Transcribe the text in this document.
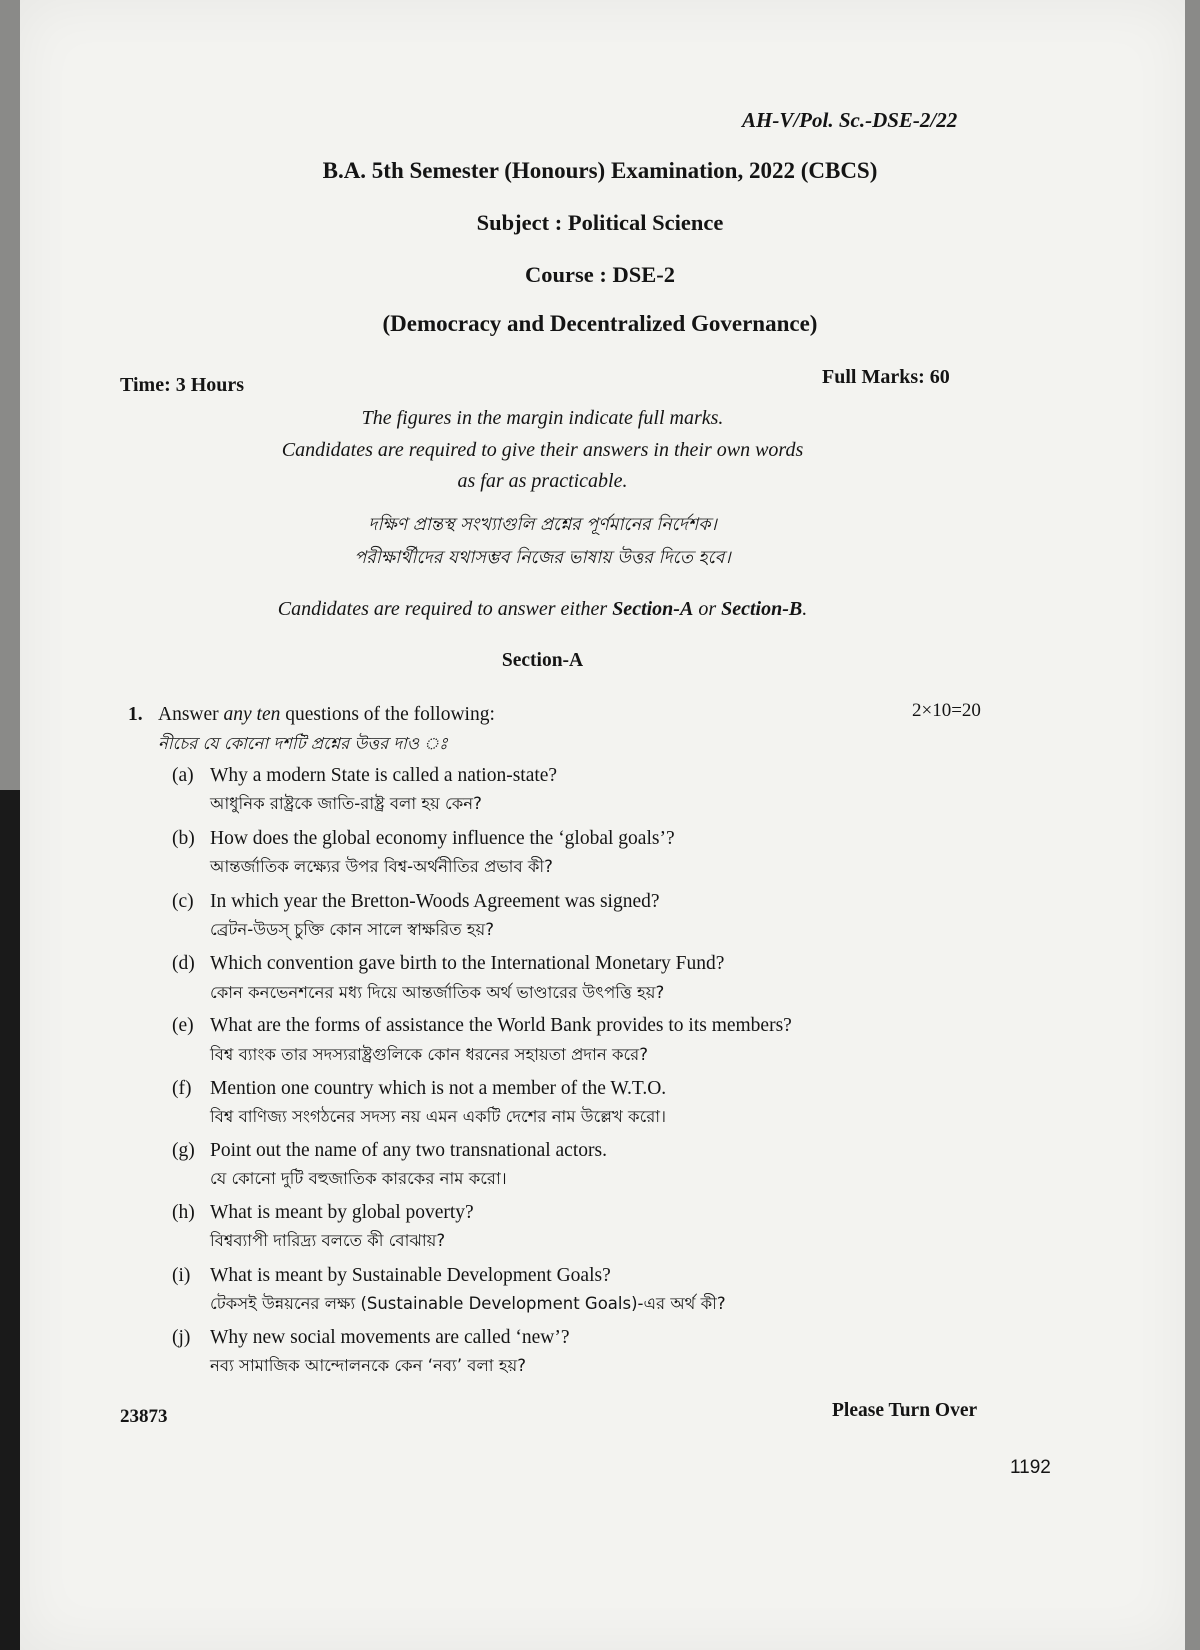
AH-V/Pol. Sc.-DSE-2/22
B.A. 5th Semester (Honours) Examination, 2022 (CBCS)
Subject : Political Science
Course : DSE-2
(Democracy and Decentralized Governance)
Time: 3 Hours	Full Marks: 60
The figures in the margin indicate full marks.
Candidates are required to give their answers in their own words
as far as practicable.
দক্ষিণ প্রান্তস্থ সংখ্যাগুলি প্রশ্নের পূর্ণমানের নির্দেশক।
পরীক্ষার্থীদের যথাসম্ভব নিজের ভাষায় উত্তর দিতে হবে।
Candidates are required to answer either Section-A or Section-B.
Section-A
1. Answer any ten questions of the following:	2×10=20
নীচের যে কোনো দশটি প্রশ্নের উত্তর দাও ঃ
(a) Why a modern State is called a nation-state?
আধুনিক রাষ্ট্রকে জাতি-রাষ্ট্র বলা হয় কেন?
(b) How does the global economy influence the ‘global goals’?
আন্তর্জাতিক লক্ষ্যের উপর বিশ্ব-অর্থনীতির প্রভাব কী?
(c) In which year the Bretton-Woods Agreement was signed?
ব্রেটন-উডস্ চুক্তি কোন সালে স্বাক্ষরিত হয়?
(d) Which convention gave birth to the International Monetary Fund?
কোন কনভেনশনের মধ্য দিয়ে আন্তর্জাতিক অর্থ ভাণ্ডারের উৎপত্তি হয়?
(e) What are the forms of assistance the World Bank provides to its members?
বিশ্ব ব্যাংক তার সদস্যরাষ্ট্রগুলিকে কোন ধরনের সহায়তা প্রদান করে?
(f) Mention one country which is not a member of the W.T.O.
বিশ্ব বাণিজ্য সংগঠনের সদস্য নয় এমন একটি দেশের নাম উল্লেখ করো।
(g) Point out the name of any two transnational actors.
যে কোনো দুটি বহুজাতিক কারকের নাম করো।
(h) What is meant by global poverty?
বিশ্বব্যাপী দারিদ্র্য বলতে কী বোঝায়?
(i) What is meant by Sustainable Development Goals?
টেকসই উন্নয়নের লক্ষ্য (Sustainable Development Goals)-এর অর্থ কী?
(j) Why new social movements are called ‘new’?
নব্য সামাজিক আন্দোলনকে কেন ‘নব্য’ বলা হয়?
23873	Please Turn Over
1192
